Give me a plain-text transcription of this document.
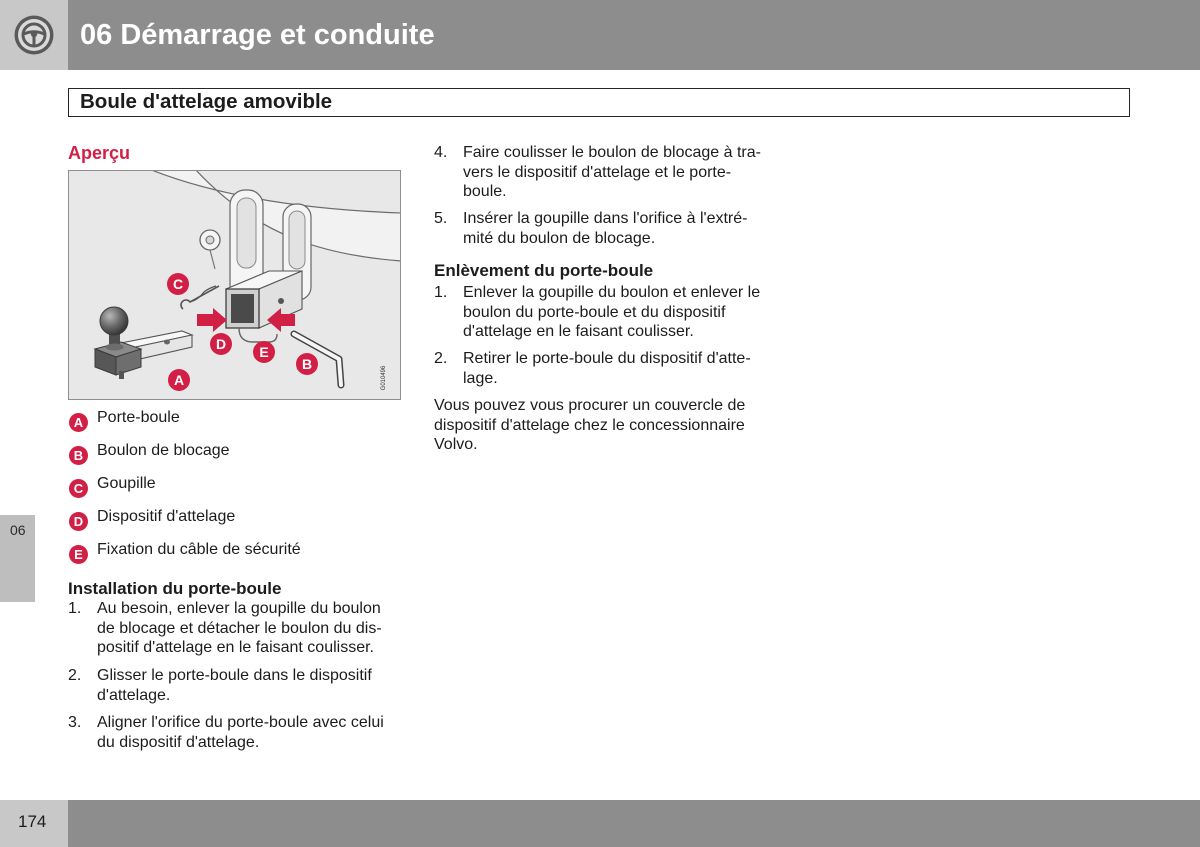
06 Démarrage et conduite
Boule d'attelage amovible
Aperçu
C
D E
B
A	G010496
A Porte-boule
B Boulon de blocage
C Goupille
D Dispositif d'attelage
E Fixation du câble de sécurité
Installation du porte-boule
1. Au besoin, enlever la goupille du boulon
de blocage et détacher le boulon du dis-
positif d'attelage en le faisant coulisser.
2. Glisser le porte-boule dans le dispositif
d'attelage.
3. Aligner l'orifice du porte-boule avec celui
du dispositif d'attelage.
4. Faire coulisser le boulon de blocage à tra-
vers le dispositif d'attelage et le porte-
boule.
5. Insérer la goupille dans l'orifice à l'extré-
mité du boulon de blocage.
Enlèvement du porte-boule
1. Enlever la goupille du boulon et enlever le
boulon du porte-boule et du dispositif
d'attelage en le faisant coulisser.
2. Retirer le porte-boule du dispositif d'atte-
lage.
Vous pouvez vous procurer un couvercle de
dispositif d'attelage chez le concessionnaire
Volvo.
06
174
